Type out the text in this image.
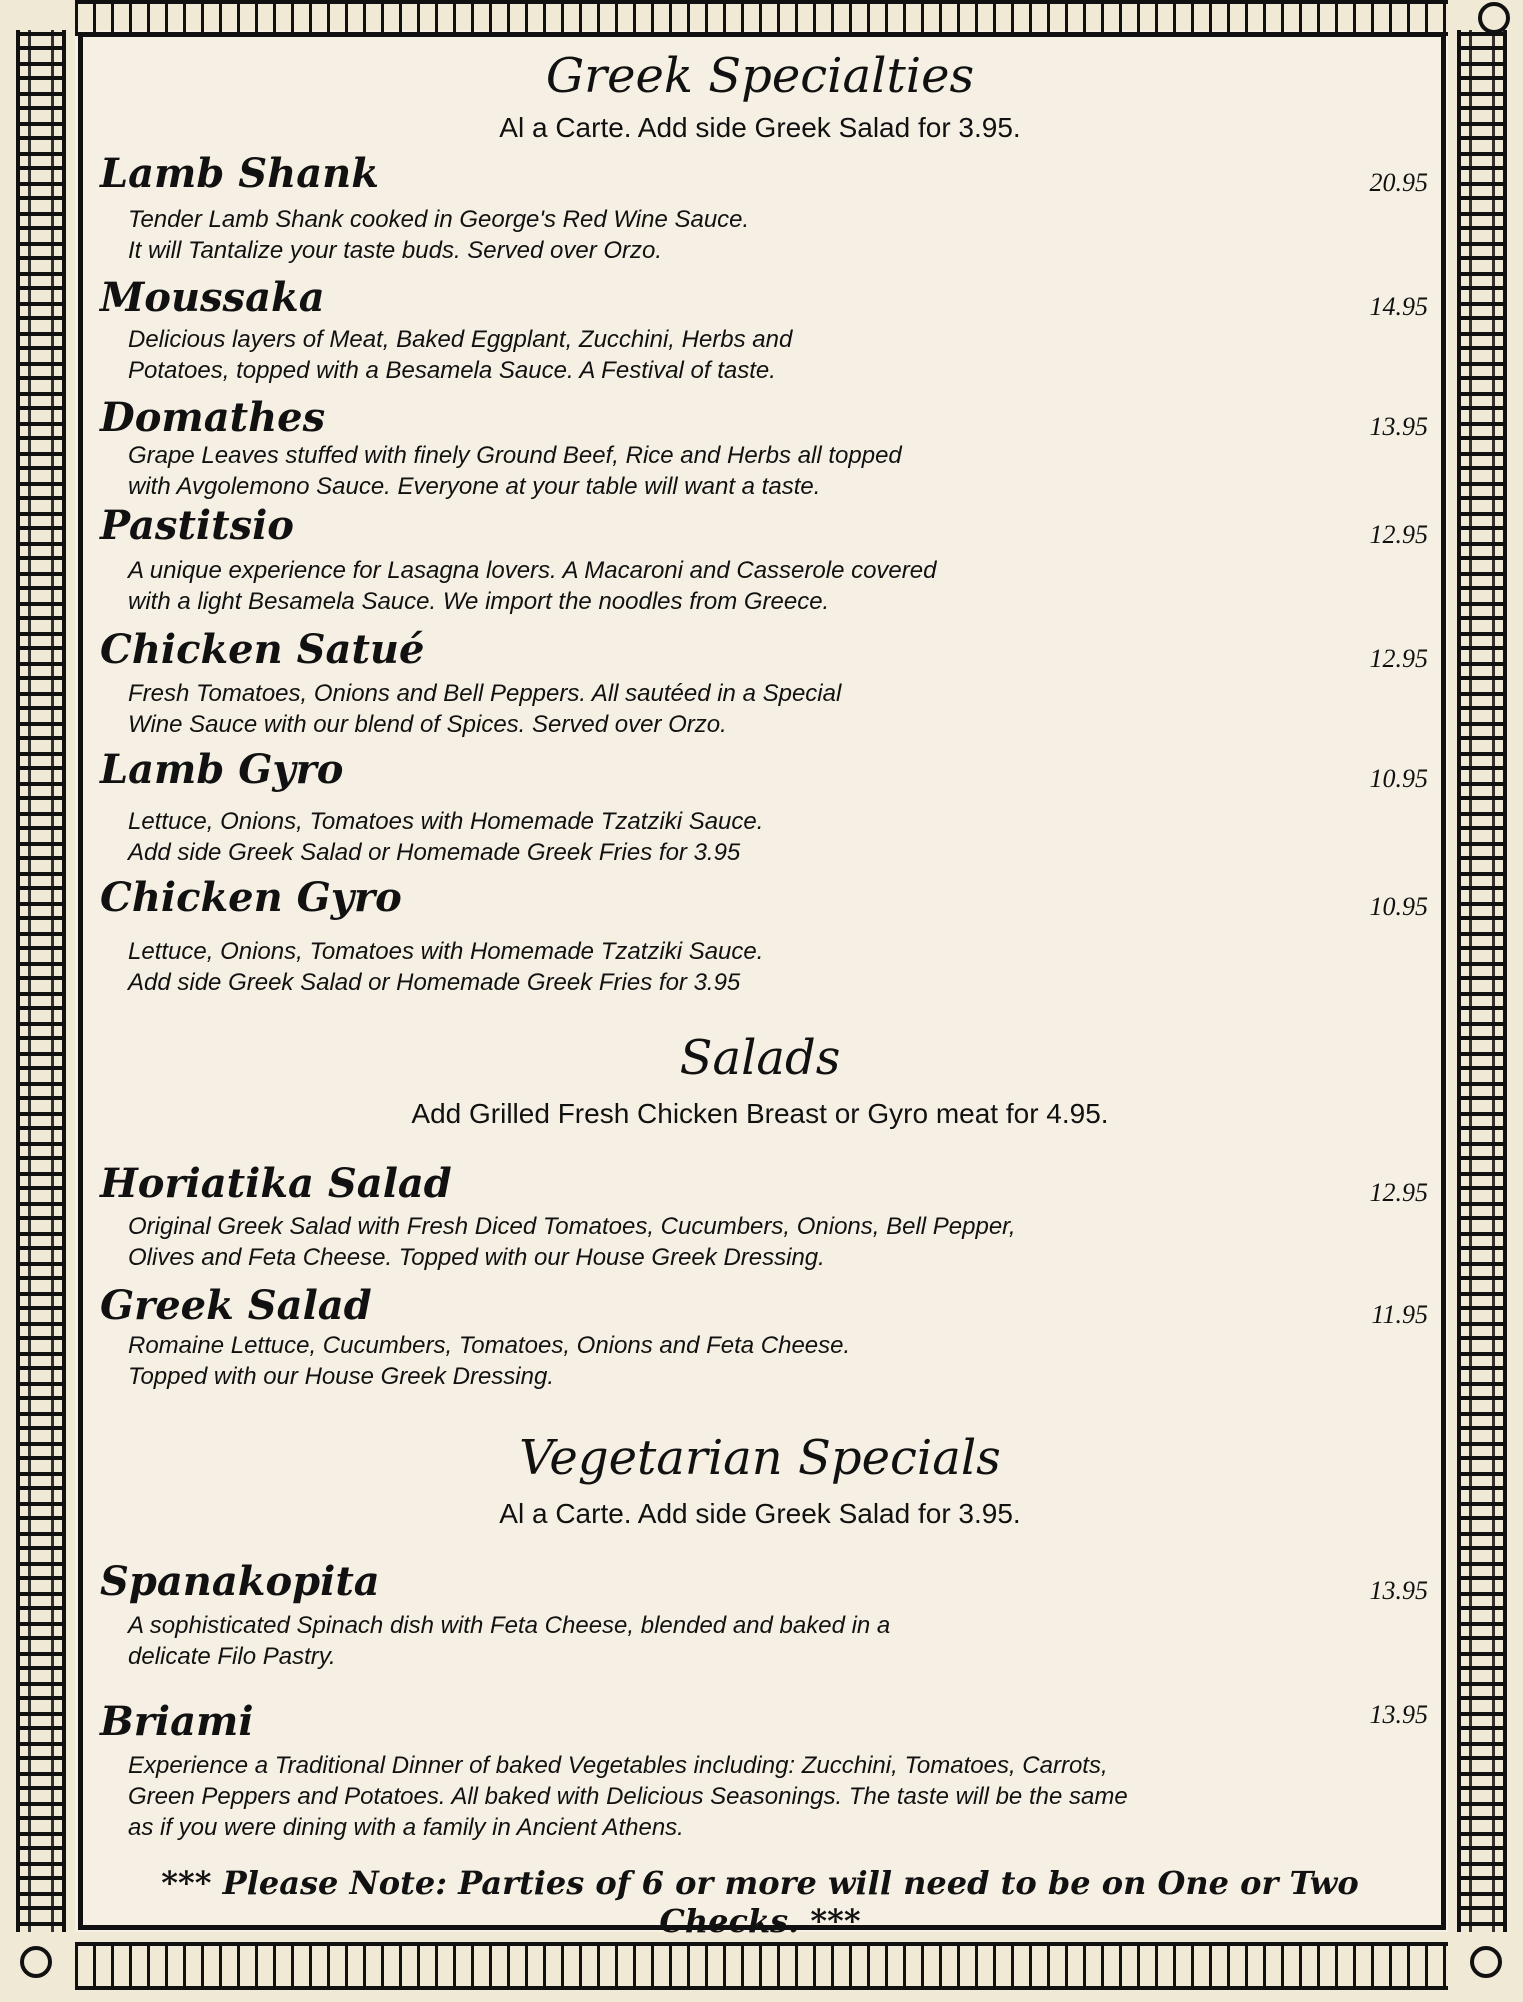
Greek Specialties
Al a Carte. Add side Greek Salad for 3.95.
Lamb Shank	20.95
Tender Lamb Shank cooked in George's Red Wine Sauce.
It will Tantalize your taste buds. Served over Orzo.
Moussaka	14.95
Delicious layers of Meat, Baked Eggplant, Zucchini, Herbs and
Potatoes, topped with a Besamela Sauce. A Festival of taste.
Domathes	13.95
Grape Leaves stuffed with finely Ground Beef, Rice and Herbs all topped
with Avgolemono Sauce. Everyone at your table will want a taste.
Pastitsio	12.95
A unique experience for Lasagna lovers. A Macaroni and Casserole covered
with a light Besamela Sauce. We import the noodles from Greece.
Chicken Satué	12.95
Fresh Tomatoes, Onions and Bell Peppers. All sautéed in a Special
Wine Sauce with our blend of Spices. Served over Orzo.
Lamb Gyro	10.95
Lettuce, Onions, Tomatoes with Homemade Tzatziki Sauce.
Add side Greek Salad or Homemade Greek Fries for 3.95
Chicken Gyro	10.95
Lettuce, Onions, Tomatoes with Homemade Tzatziki Sauce.
Add side Greek Salad or Homemade Greek Fries for 3.95
Salads
Add Grilled Fresh Chicken Breast or Gyro meat for 4.95.
Horiatika Salad	12.95
Original Greek Salad with Fresh Diced Tomatoes, Cucumbers, Onions, Bell Pepper,
Olives and Feta Cheese. Topped with our House Greek Dressing.
Greek Salad	11.95
Romaine Lettuce, Cucumbers, Tomatoes, Onions and Feta Cheese.
Topped with our House Greek Dressing.
Vegetarian Specials
Al a Carte. Add side Greek Salad for 3.95.
Spanakopita	13.95
A sophisticated Spinach dish with Feta Cheese, blended and baked in a
delicate Filo Pastry.
Briami	13.95
Experience a Traditional Dinner of baked Vegetables including: Zucchini, Tomatoes, Carrots,
Green Peppers and Potatoes. All baked with Delicious Seasonings. The taste will be the same
as if you were dining with a family in Ancient Athens.
*** Please Note: Parties of 6 or more will need to be on One or Two Checks. ***
